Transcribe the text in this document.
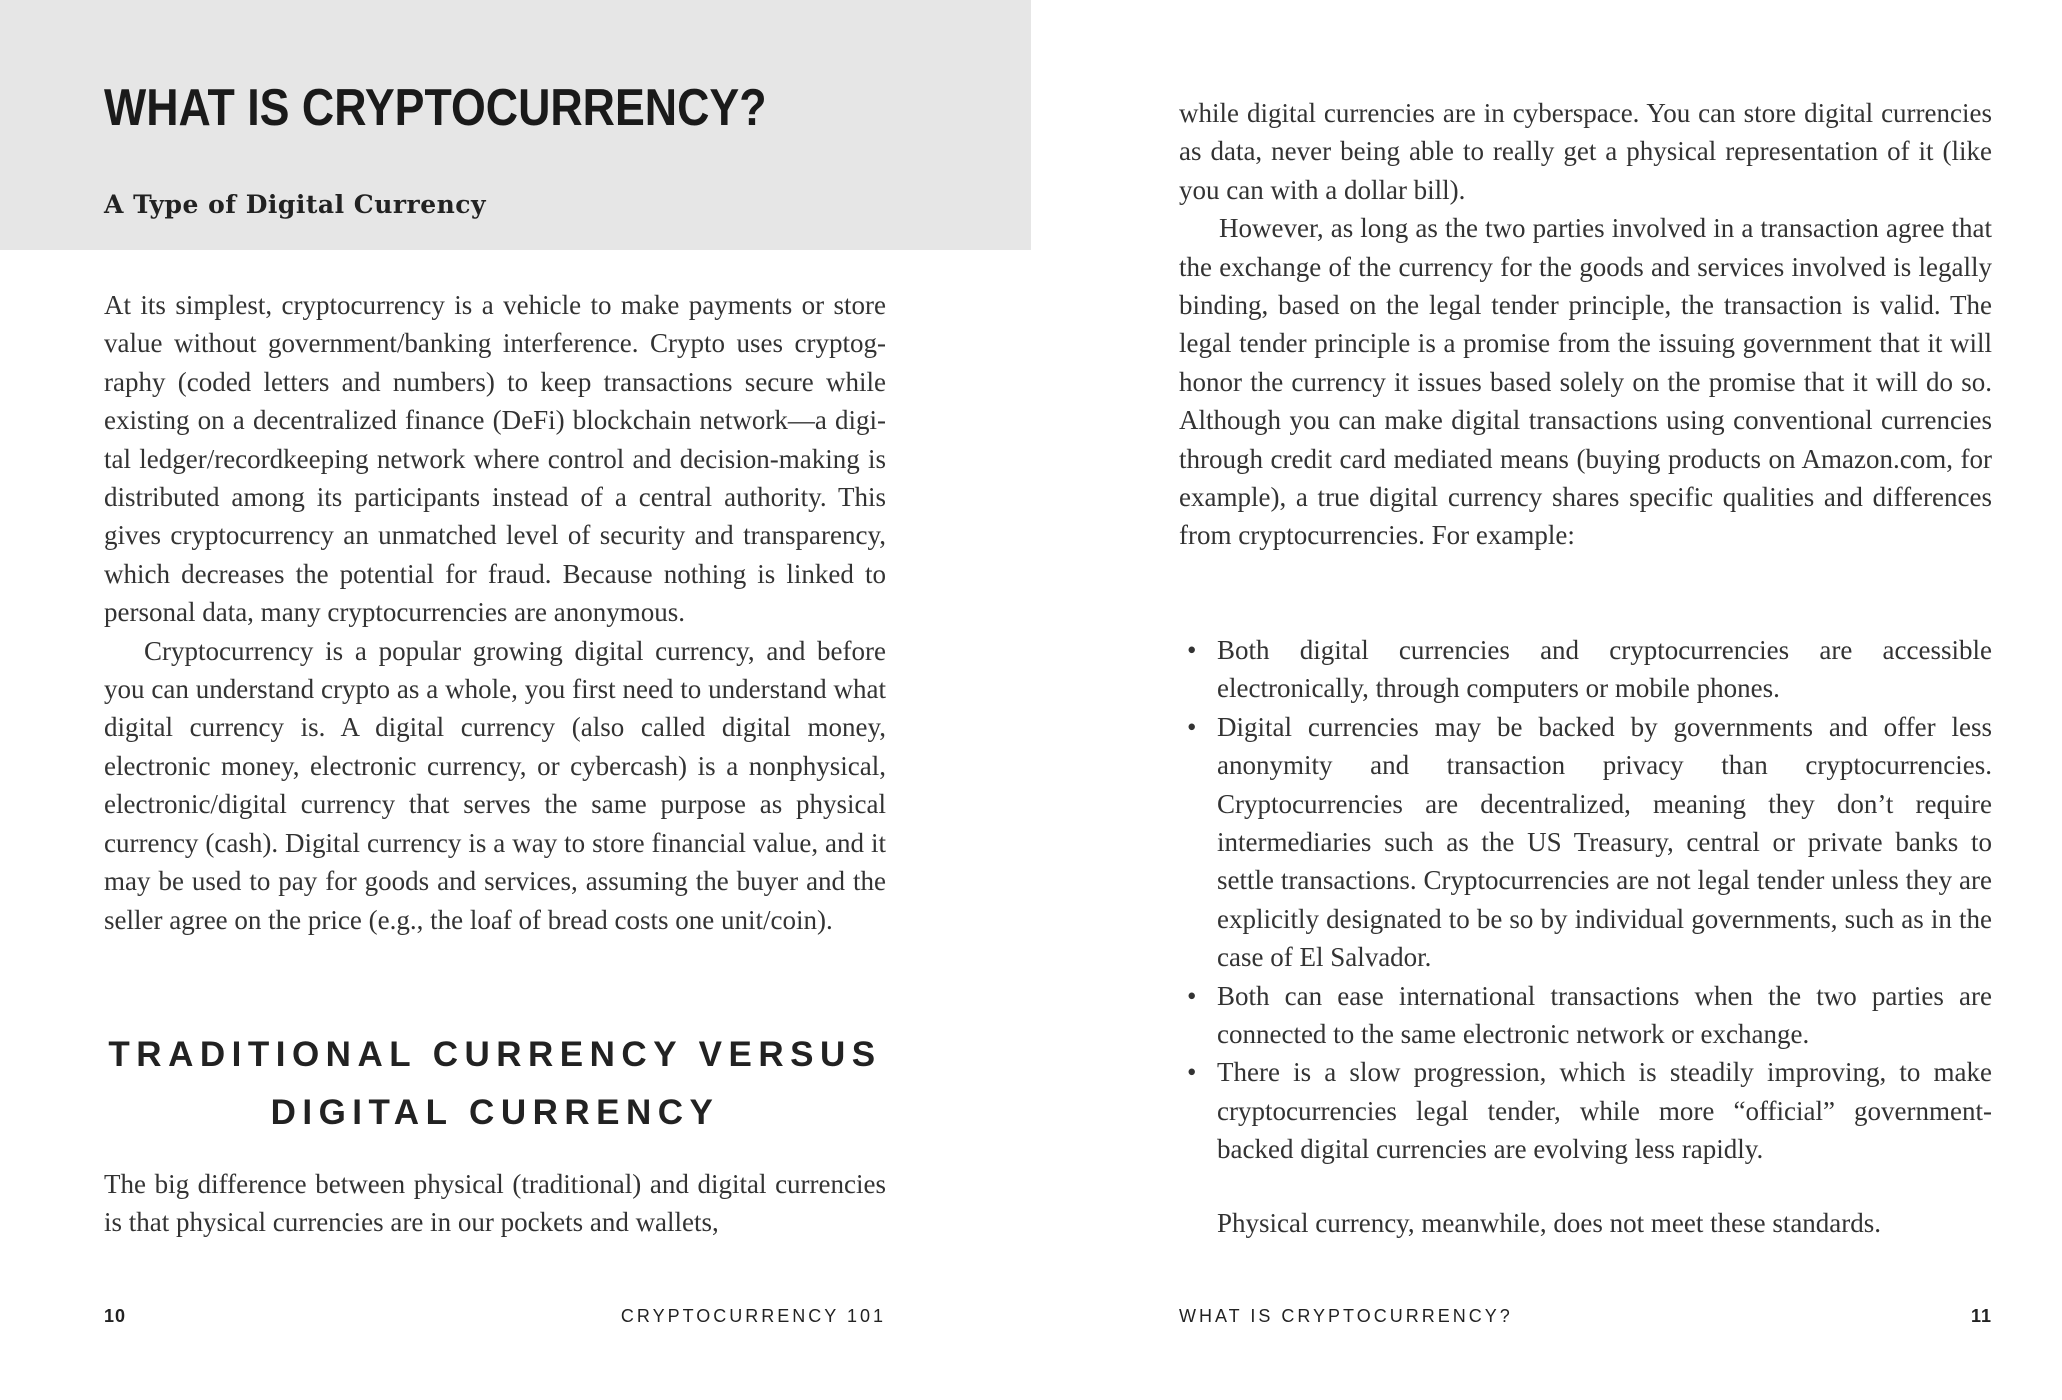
WHAT IS CRYPTOCURRENCY?
A Type of Digital Currency

At its simplest, cryptocurrency is a vehicle to make payments or store value without government/banking interference. Crypto uses cryptography (coded letters and numbers) to keep transactions secure while existing on a decentralized finance (DeFi) blockchain network—a digital ledger/recordkeeping network where control and decision-making is distributed among its participants instead of a central authority. This gives cryptocurrency an unmatched level of security and transparency, which decreases the potential for fraud. Because nothing is linked to personal data, many cryptocurrencies are anonymous.

Cryptocurrency is a popular growing digital currency, and before you can understand crypto as a whole, you first need to understand what digital currency is. A digital currency (also called digital money, electronic money, electronic currency, or cybercash) is a nonphysical, electronic/digital currency that serves the same purpose as physical currency (cash). Digital currency is a way to store financial value, and it may be used to pay for goods and services, assuming the buyer and the seller agree on the price (e.g., the loaf of bread costs one unit/coin).

TRADITIONAL CURRENCY VERSUS DIGITAL CURRENCY

The big difference between physical (traditional) and digital currencies is that physical currencies are in our pockets and wallets,

10	CRYPTOCURRENCY 101

while digital currencies are in cyberspace. You can store digital currencies as data, never being able to really get a physical representation of it (like you can with a dollar bill).

However, as long as the two parties involved in a transaction agree that the exchange of the currency for the goods and services involved is legally binding, based on the legal tender principle, the transaction is valid. The legal tender principle is a promise from the issuing government that it will honor the currency it issues based solely on the promise that it will do so. Although you can make digital transactions using conventional currencies through credit card mediated means (buying products on Amazon.com, for example), a true digital currency shares specific qualities and differences from cryptocurrencies. For example:

• Both digital currencies and cryptocurrencies are accessible electronically, through computers or mobile phones.

• Digital currencies may be backed by governments and offer less anonymity and transaction privacy than cryptocurrencies. Cryptocurrencies are decentralized, meaning they don’t require intermediaries such as the US Treasury, central or private banks to settle transactions. Cryptocurrencies are not legal tender unless they are explicitly designated to be so by individual governments, such as in the case of El Salvador.

• Both can ease international transactions when the two parties are connected to the same electronic network or exchange.

• There is a slow progression, which is steadily improving, to make cryptocurrencies legal tender, while more “official” government-backed digital currencies are evolving less rapidly.

Physical currency, meanwhile, does not meet these standards.

WHAT IS CRYPTOCURRENCY?	11
